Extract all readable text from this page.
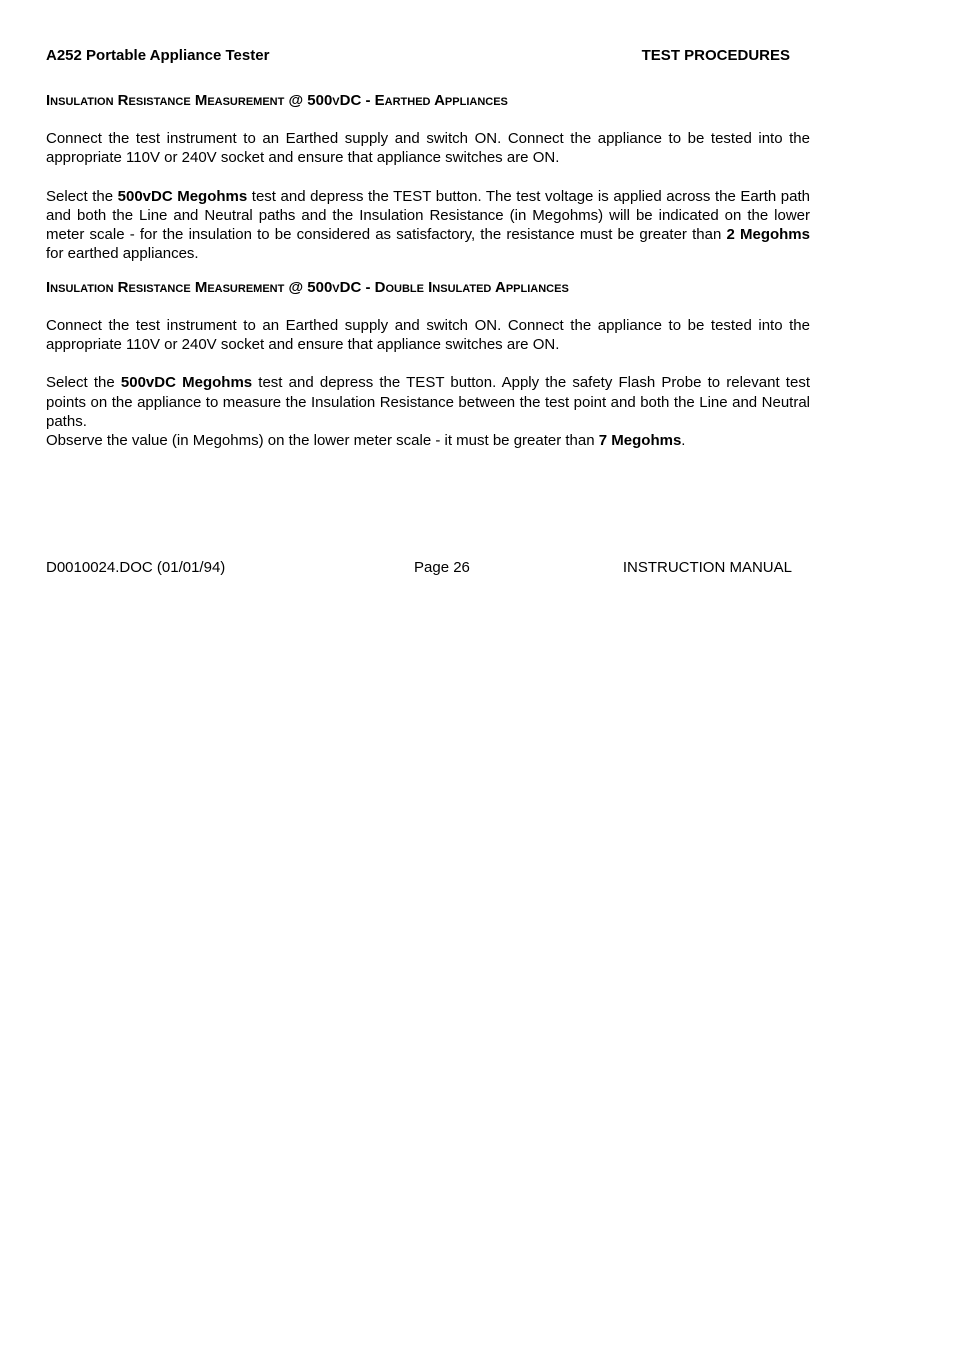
A252 Portable Appliance Tester	TEST PROCEDURES

Insulation Resistance Measurement @ 500vDC - Earthed Appliances

Connect the test instrument to an Earthed supply and switch ON. Connect the appliance to be tested into the appropriate 110V or 240V socket and ensure that appliance switches are ON.

Select the 500vDC Megohms test and depress the TEST button. The test voltage is applied across the Earth path and both the Line and Neutral paths and the Insulation Resistance (in Megohms) will be indicated on the lower meter scale - for the insulation to be considered as satisfactory, the resistance must be greater than 2 Megohms for earthed appliances.

Insulation Resistance Measurement @ 500vDC - Double Insulated Appliances

Connect the test instrument to an Earthed supply and switch ON. Connect the appliance to be tested into the appropriate 110V or 240V socket and ensure that appliance switches are ON.

Select the 500vDC Megohms test and depress the TEST button. Apply the safety Flash Probe to relevant test points on the appliance to measure the Insulation Resistance between the test point and both the Line and Neutral paths.

Observe the value (in Megohms) on the lower meter scale - it must be greater than 7 Megohms.

D0010024.DOC (01/01/94)	Page 26	INSTRUCTION MANUAL
